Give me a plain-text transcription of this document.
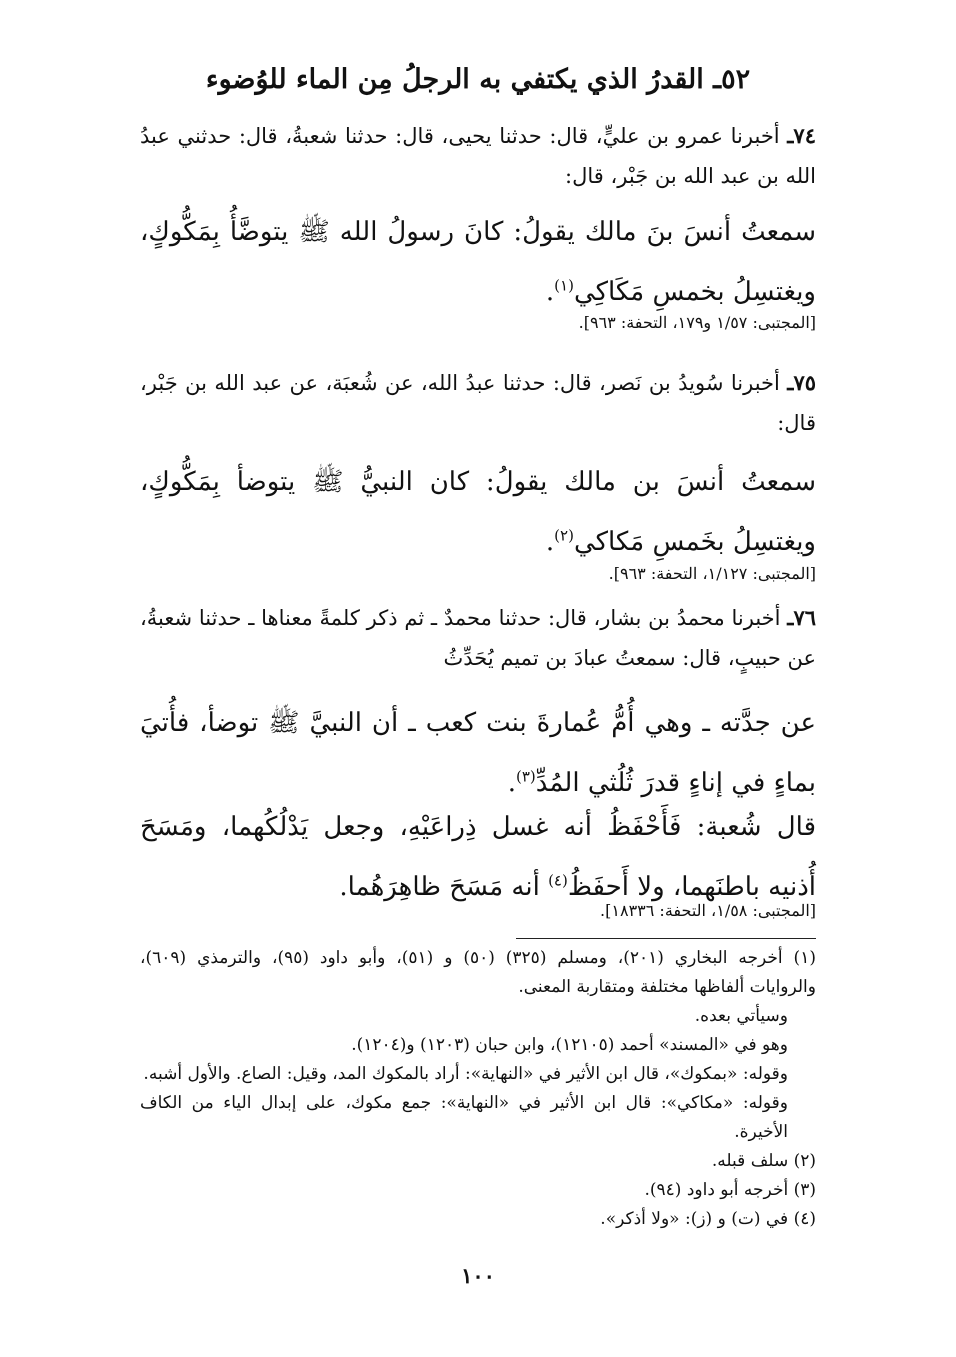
٥٢ـ القدرُ الذي يكتفي به الرجلُ مِن الماء للوُضوء
٧٤ـ أخبرنا عمرو بن عليٍّ، قال: حدثنا يحيى، قال: حدثنا شعبةُ، قال: حدثني عبدُ الله بن عبد الله بن جَبْر، قال:
سمعتُ أنسَ بنَ مالك يقولُ: كانَ رسولُ الله ﷺ يتوضَّأُ بِمَكُّوكٍ، ويغتسِلُ بخمسِ مَكَاكِي$^{(١)}$.
[المجتبى: ١/٥٧ و١٧٩، التحفة: ٩٦٣].
٧٥ـ أخبرنا سُويدُ بن نَصر، قال: حدثنا عبدُ الله، عن شُعبَة، عن عبد الله بن جَبْر، قال:
سمعتُ أنسَ بن مالك يقولُ: كان النبيُّ ﷺ يتوضأ بِمَكُّوكٍ، ويغتسِلُ بخَمسِ مَكاكي$^{(٢)}$.
[المجتبى: ١/١٢٧، التحفة: ٩٦٣].
٧٦ـ أخبرنا محمدُ بن بشار، قال: حدثنا محمدٌ ـ ثم ذكر كلمةً معناها ـ حدثنا شعبةُ، عن حبيبٍ، قال: سمعتُ عبادَ بن تميم يُحَدِّثُ
عن جدَّته ـ وهي أُمُّ عُمارةَ بنت كعب ـ أن النبيَّ ﷺ توضأ، فأُتيَ بماءٍ في إناءٍ قدرَ ثُلُثي المُدِّ$^{(٣)}$.
قال شُعبة: فَأَحْفَظُ أنه غسل ذِراعَيْهِ، وجعل يَدْلُكُهما، ومَسَحَ أُذنيه باطنَهما، ولا أَحفَظُ$^{(٤)}$ أنه مَسَحَ ظاهِرَهُما.
[المجتبى: ١/٥٨، التحفة: ١٨٣٣٦].

(١) أخرجه البخاري (٢٠١)، ومسلم (٣٢٥) (٥٠) و (٥١)، وأبو داود (٩٥)، والترمذي (٦٠٩)، والروايات ألفاظها مختلفة ومتقاربة المعنى.

وسيأتي بعده.

وهو في «المسند» أحمد (١٢١٠٥)، وابن حبان (١٢٠٣) و(١٢٠٤).

وقوله: «بمكوك»، قال ابن الأثير في «النهاية»: أراد بالمكوك المد، وقيل: الصاع. والأول أشبه.

وقوله: «مكاكي»: قال ابن الأثير في «النهاية»: جمع مكوك، على إبدال الياء من الكاف الأخيرة.

(٢) سلف قبله.

(٣) أخرجه أبو داود (٩٤).

(٤) في (ت) و (ز): «ولا أذكر».

١٠٠
